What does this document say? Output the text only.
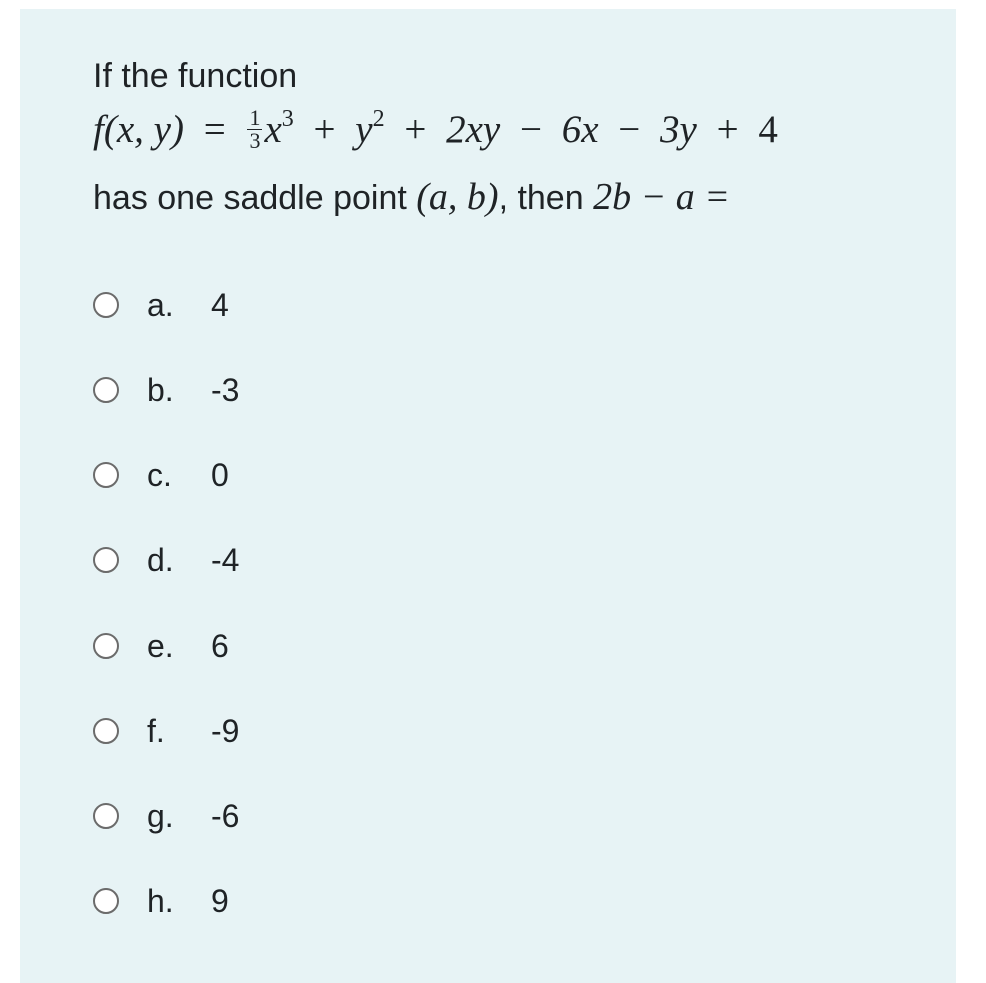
If the function
f(x, $y) = \frac{1}{3} x^3 + y^2 + 2xy - 6x - 3y + 4$
has one saddle point (a, b), then 2b − a =
a. 4
b. -3
c. 0
d. -4
e. 6
f. -9
g. -6
h. 9
